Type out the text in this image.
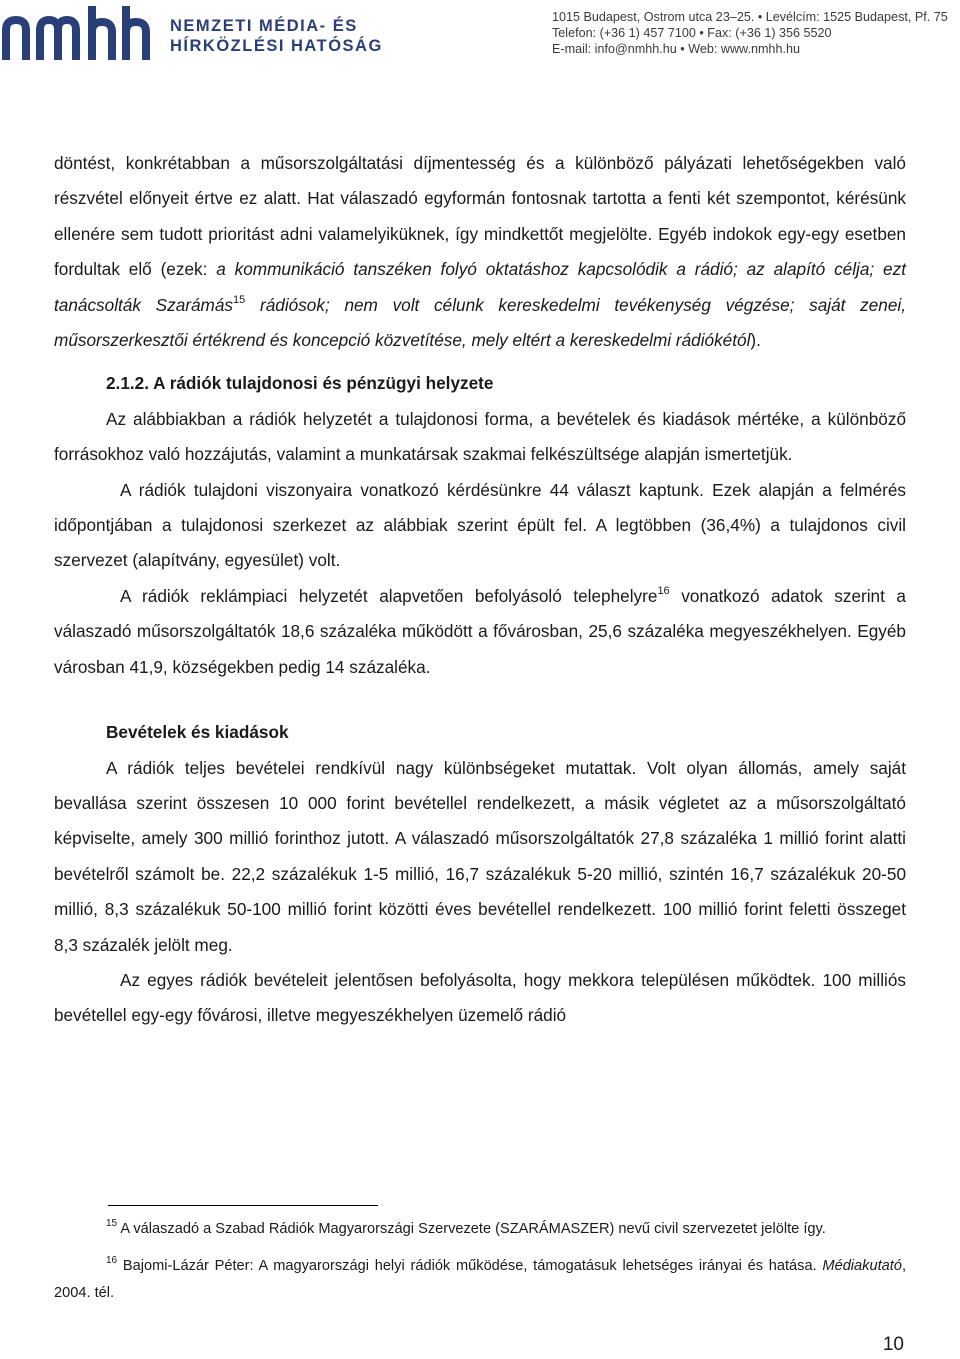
NEMZETI MÉDIA- ÉS
HÍRKÖZLÉSI HATÓSÁG
1015 Budapest, Ostrom utca 23–25. • Levélcím: 1525 Budapest, Pf. 75
Telefon: (+36 1) 457 7100 • Fax: (+36 1) 356 5520
E-mail: info@nmhh.hu • Web: www.nmhh.hu

döntést, konkrétabban a műsorszolgáltatási díjmentesség és a különböző pályázati lehetőségekben való részvétel előnyeit értve ez alatt. Hat válaszadó egyformán fontosnak tartotta a fenti két szempontot, kérésünk ellenére sem tudott prioritást adni valamelyiküknek, így mindkettőt megjelölte. Egyéb indokok egy-egy esetben fordultak elő (ezek: a kommunikáció tanszéken folyó oktatáshoz kapcsolódik a rádió; az alapító célja; ezt tanácsolták Szarámás$^{15}$ rádiósok; nem volt célunk kereskedelmi tevékenység végzése; saját zenei, műsorszerkesztői értékrend és koncepció közvetítése, mely eltért a kereskedelmi rádiókétól).

2.1.2. A rádiók tulajdonosi és pénzügyi helyzete

Az alábbiakban a rádiók helyzetét a tulajdonosi forma, a bevételek és kiadások mértéke, a különböző forrásokhoz való hozzájutás, valamint a munkatársak szakmai felkészültsége alapján ismertetjük.

A rádiók tulajdoni viszonyaira vonatkozó kérdésünkre 44 választ kaptunk. Ezek alapján a felmérés időpontjában a tulajdonosi szerkezet az alábbiak szerint épült fel. A legtöbben (36,4%) a tulajdonos civil szervezet (alapítvány, egyesület) volt.

A rádiók reklámpiaci helyzetét alapvetően befolyásoló telephelyre$^{16}$ vonatkozó adatok szerint a válaszadó műsorszolgáltatók 18,6 százaléka működött a fővárosban, 25,6 százaléka megyeszékhelyen. Egyéb városban 41,9, községekben pedig 14 százaléka.

Bevételek és kiadások

A rádiók teljes bevételei rendkívül nagy különbségeket mutattak. Volt olyan állomás, amely saját bevallása szerint összesen 10 000 forint bevétellel rendelkezett, a másik végletet az a műsorszolgáltató képviselte, amely 300 millió forinthoz jutott. A válaszadó műsorszolgáltatók 27,8 százaléka 1 millió forint alatti bevételről számolt be. 22,2 százalékuk 1-5 millió, 16,7 százalékuk 5-20 millió, szintén 16,7 százalékuk 20-50 millió, 8,3 százalékuk 50-100 millió forint közötti éves bevétellel rendelkezett. 100 millió forint feletti összeget 8,3 százalék jelölt meg.

Az egyes rádiók bevételeit jelentősen befolyásolta, hogy mekkora településen működtek. 100 milliós bevétellel egy-egy fővárosi, illetve megyeszékhelyen üzemelő rádió

$^{15}$ A válaszadó a Szabad Rádiók Magyarországi Szervezete (SZARÁMASZER) nevű civil szervezetet jelölte így.

$^{16}$ Bajomi-Lázár Péter: A magyarországi helyi rádiók működése, támogatásuk lehetséges irányai és hatása. Médiakutató, 2004. tél.

10
